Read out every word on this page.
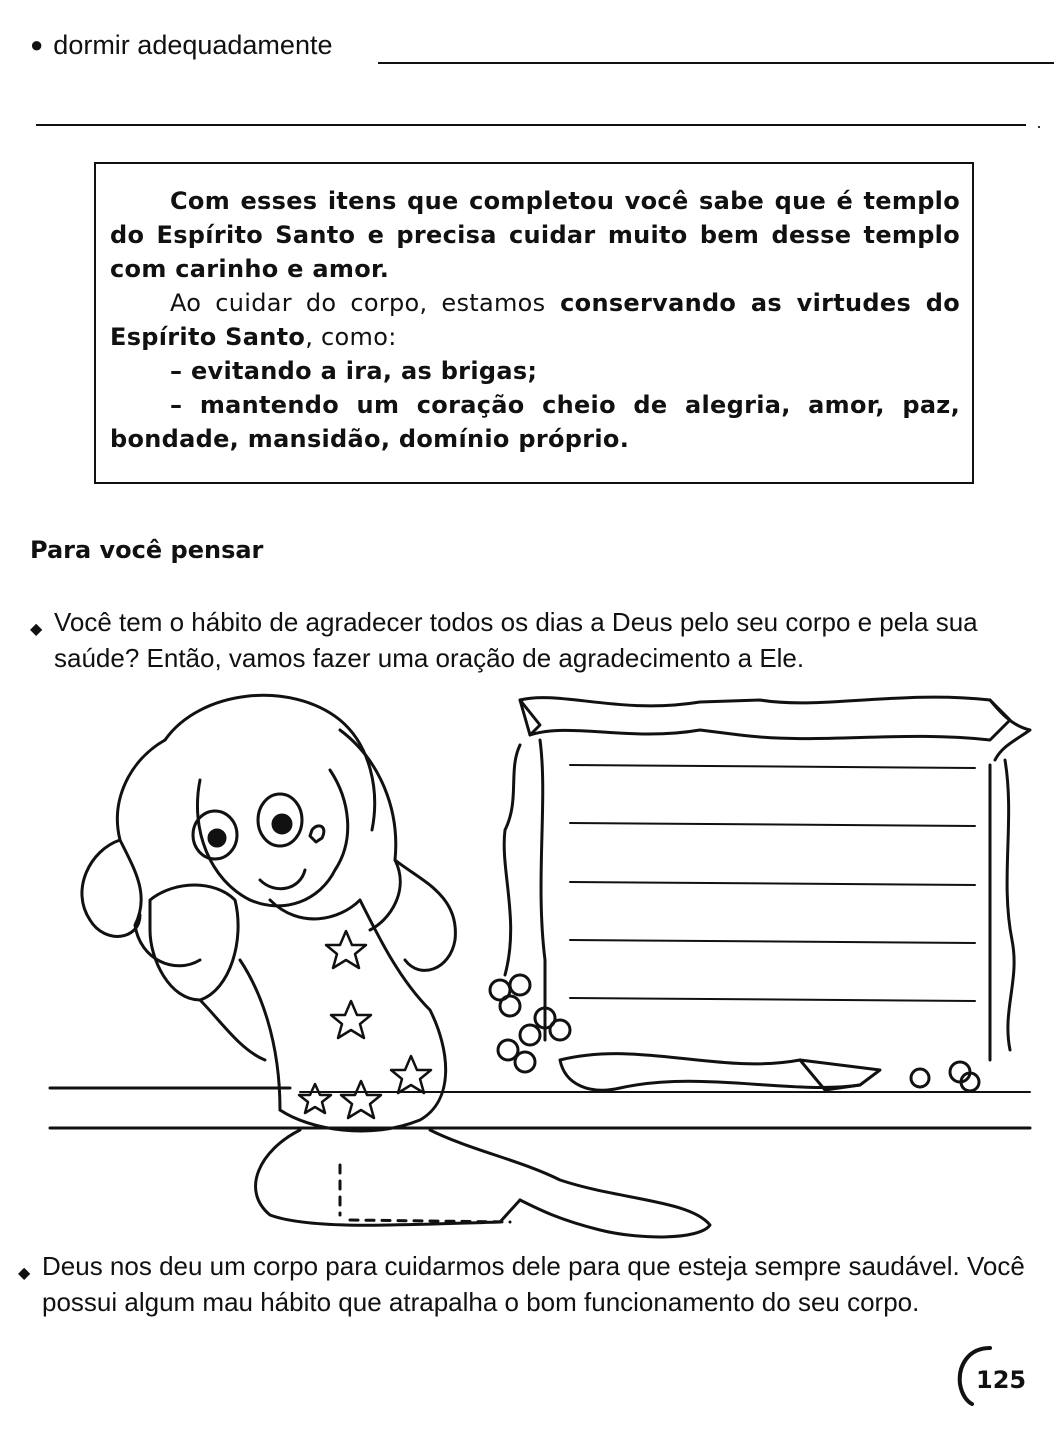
● dormir adequadamente
·

Com esses itens que completou você sabe que é templo do Espírito Santo e precisa cuidar muito bem desse templo com carinho e amor.

Ao cuidar do corpo, estamos conservando as virtudes do Espírito Santo, como:

– evitando a ira, as brigas;

– mantendo um coração cheio de alegria, amor, paz, bondade, mansidão, domínio próprio.

Para você pensar
◆ Você tem o hábito de agradecer todos os dias a Deus pelo seu corpo e pela sua saúde? Então, vamos fazer uma oração de agradecimento a Ele.
◆ Deus nos deu um corpo para cuidarmos dele para que esteja sempre saudável. Você possui algum mau hábito que atrapalha o bom funcionamento do seu corpo.
125
